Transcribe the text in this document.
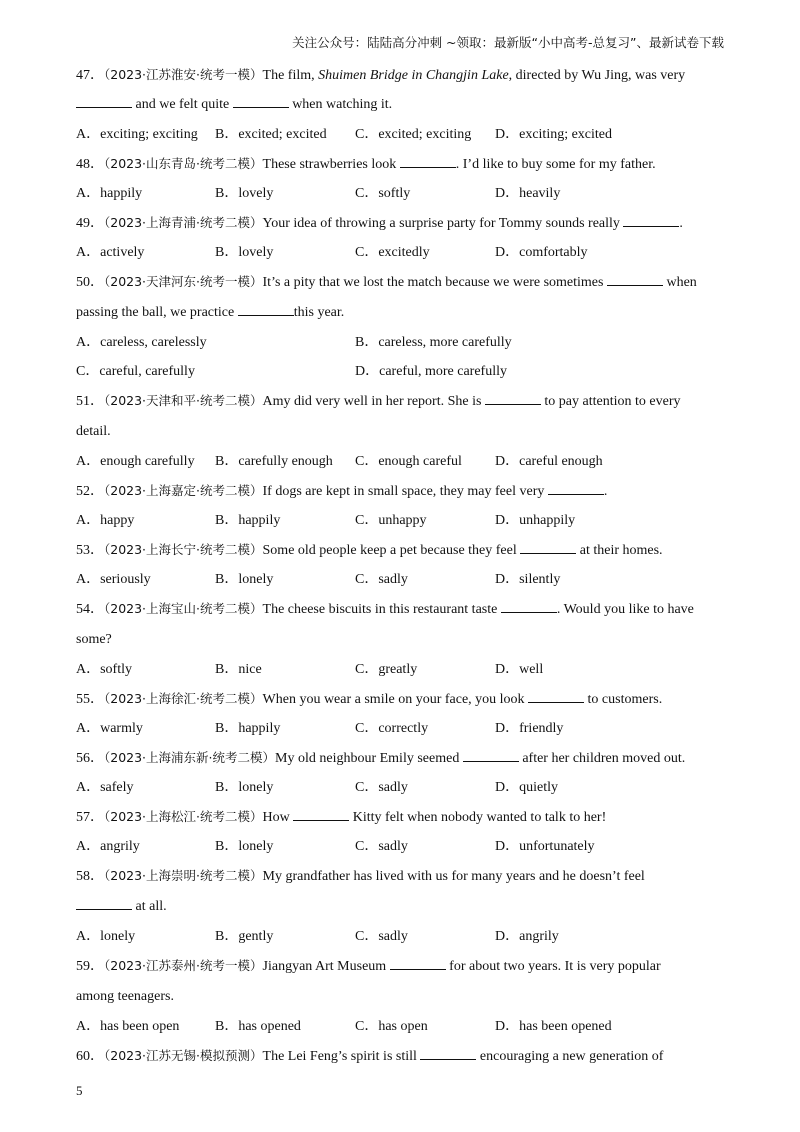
关注公众号：陆陆高分冲刺 ~领取：最新版“小中高考-总复习”、最新试卷下载
47．（2023·江苏淮安·统考一模）The film, Shuimen Bridge in Changjin Lake, directed by Wu Jing, was very
and we felt quite	when watching it.
A．exciting; exciting B．excited; excited C．excited; exciting D．exciting; excited
48．（2023·山东青岛·统考二模）These strawberries look	. I’d like to buy some for my father.
A．happily	B．lovely	C．softly	D．heavily
49．（2023·上海青浦·统考二模）Your idea of throwing a surprise party for Tommy sounds really	.
A．actively	B．lovely	C．excitedly	D．comfortably
50．（2023·天津河东·统考一模）It’s a pity that we lost the match because we were sometimes	when
passing the ball, we practice	this year.
A．careless, carelessly	B．careless, more carefully
C．careful, carefully	D．careful, more carefully
51．（2023·天津和平·统考二模）Amy did very well in her report. She is	to pay attention to every
detail.
A．enough carefully B．carefully enough C．enough careful D．careful enough
52．（2023·上海嘉定·统考二模）If dogs are kept in small space, they may feel very	.
A．happy	B．happily	C．unhappy	D．unhappily
53．（2023·上海长宁·统考二模）Some old people keep a pet because they feel	at their homes.
A．seriously	B．lonely	C．sadly	D．silently
54．（2023·上海宝山·统考二模）The cheese biscuits in this restaurant taste	. Would you like to have
some?
A．softly	B．nice	C．greatly	D．well
55．（2023·上海徐汇·统考二模）When you wear a smile on your face, you look	to customers.
A．warmly	B．happily	C．correctly	D．friendly
56．（2023·上海浦东新·统考二模）My old neighbour Emily seemed	after her children moved out.
A．safely	B．lonely	C．sadly	D．quietly
57．（2023·上海松江·统考二模）How	Kitty felt when nobody wanted to talk to her!
A．angrily	B．lonely	C．sadly	D．unfortunately
58．（2023·上海崇明·统考二模）My grandfather has lived with us for many years and he doesn’t feel
at all.
A．lonely	B．gently	C．sadly	D．angrily
59．（2023·江苏泰州·统考一模）Jiangyan Art Museum	for about two years. It is very popular
among teenagers.
A．has been open	B．has opened	C．has open	D．has been opened
60．（2023·江苏无锡·模拟预测）The Lei Feng’s spirit is still	encouraging a new generation of
5
